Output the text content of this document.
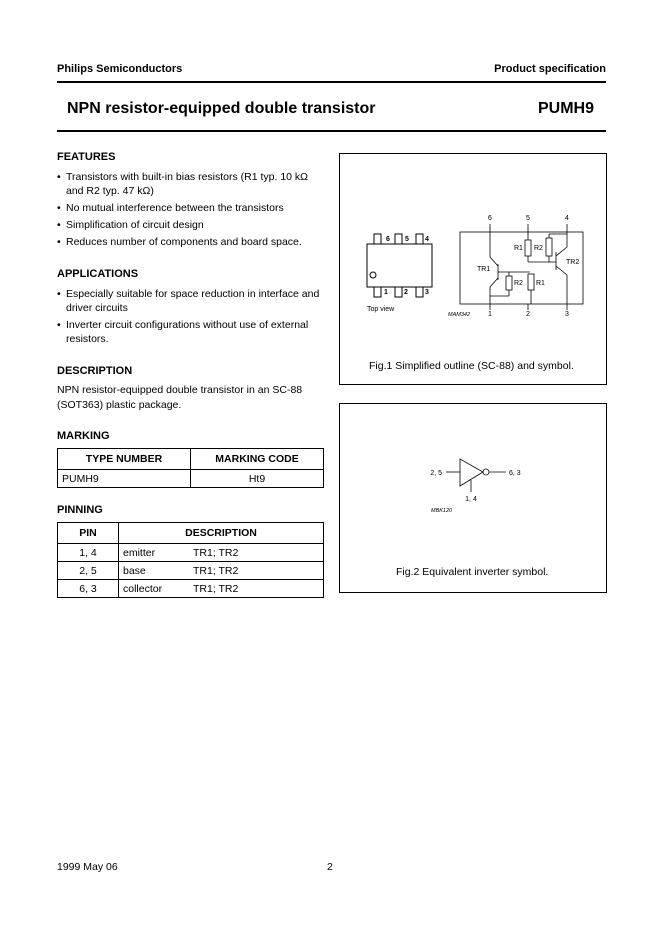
Philips Semiconductors	Product specification
NPN resistor-equipped double transistor	PUMH9
FEATURES
• Transistors with built-in bias resistors (R1 typ. 10 kΩ and R2 typ. 47 kΩ)
• No mutual interference between the transistors
• Simplification of circuit design
• Reduces number of components and board space.
APPLICATIONS
• Especially suitable for space reduction in interface and driver circuits
• Inverter circuit configurations without use of external resistors.
DESCRIPTION

NPN resistor-equipped double transistor in an SC-88 (SOT363) plastic package.

MARKING
TYPE NUMBER	MARKING CODE
PUMH9	Ht9
PINNING
PIN	DESCRIPTION	
1, 4	emitter	TR1; TR2
2, 5	base	TR1; TR2
6, 3	collector	TR1; TR2
6 5 4
1 2 3
Top view
6	5	4
1	2	3
TR1
TR2
R1 R2
R2 R1
MAM342
Fig.1 Simplified outline (SC-88) and symbol.
2, 5	6, 3
1, 4
MBK120
Fig.2 Equivalent inverter symbol.
1999 May 06	2
